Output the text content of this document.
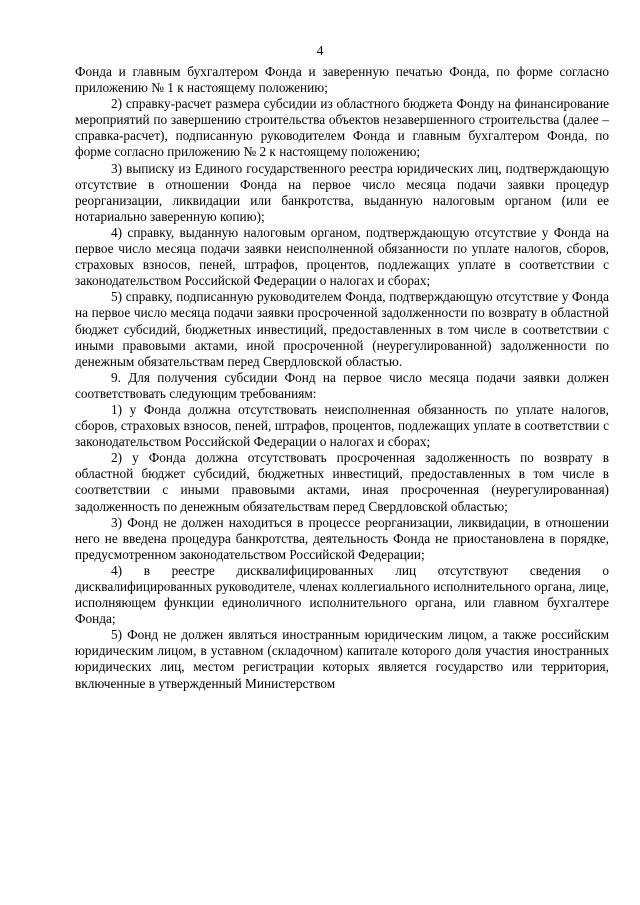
4

Фонда и главным бухгалтером Фонда и заверенную печатью Фонда, по форме согласно приложению № 1 к настоящему положению;

2) справку-расчет размера субсидии из областного бюджета Фонду на финансирование мероприятий по завершению строительства объектов незавершенного строительства (далее – справка-расчет), подписанную руководителем Фонда и главным бухгалтером Фонда, по форме согласно приложению № 2 к настоящему положению;

3) выписку из Единого государственного реестра юридических лиц, подтверждающую отсутствие в отношении Фонда на первое число месяца подачи заявки процедур реорганизации, ликвидации или банкротства, выданную налоговым органом (или ее нотариально заверенную копию);

4) справку, выданную налоговым органом, подтверждающую отсутствие у Фонда на первое число месяца подачи заявки неисполненной обязанности по уплате налогов, сборов, страховых взносов, пеней, штрафов, процентов, подлежащих уплате в соответствии с законодательством Российской Федерации о налогах и сборах;

5) справку, подписанную руководителем Фонда, подтверждающую отсутствие у Фонда на первое число месяца подачи заявки просроченной задолженности по возврату в областной бюджет субсидий, бюджетных инвестиций, предоставленных в том числе в соответствии с иными правовыми актами, иной просроченной (неурегулированной) задолженности по денежным обязательствам перед Свердловской областью.

9. Для получения субсидии Фонд на первое число месяца подачи заявки должен соответствовать следующим требованиям:

1) у Фонда должна отсутствовать неисполненная обязанность по уплате налогов, сборов, страховых взносов, пеней, штрафов, процентов, подлежащих уплате в соответствии с законодательством Российской Федерации о налогах и сборах;

2) у Фонда должна отсутствовать просроченная задолженность по возврату в областной бюджет субсидий, бюджетных инвестиций, предоставленных в том числе в соответствии с иными правовыми актами, иная просроченная (неурегулированная) задолженность по денежным обязательствам перед Свердловской областью;

3) Фонд не должен находиться в процессе реорганизации, ликвидации, в отношении него не введена процедура банкротства, деятельность Фонда не приостановлена в порядке, предусмотренном законодательством Российской Федерации;

4) в реестре дисквалифицированных лиц отсутствуют сведения о дисквалифицированных руководителе, членах коллегиального исполнительного органа, лице, исполняющем функции единоличного исполнительного органа, или главном бухгалтере Фонда;

5) Фонд не должен являться иностранным юридическим лицом, а также российским юридическим лицом, в уставном (складочном) капитале которого доля участия иностранных юридических лиц, местом регистрации которых является государство или территория, включенные в утвержденный Министерством
